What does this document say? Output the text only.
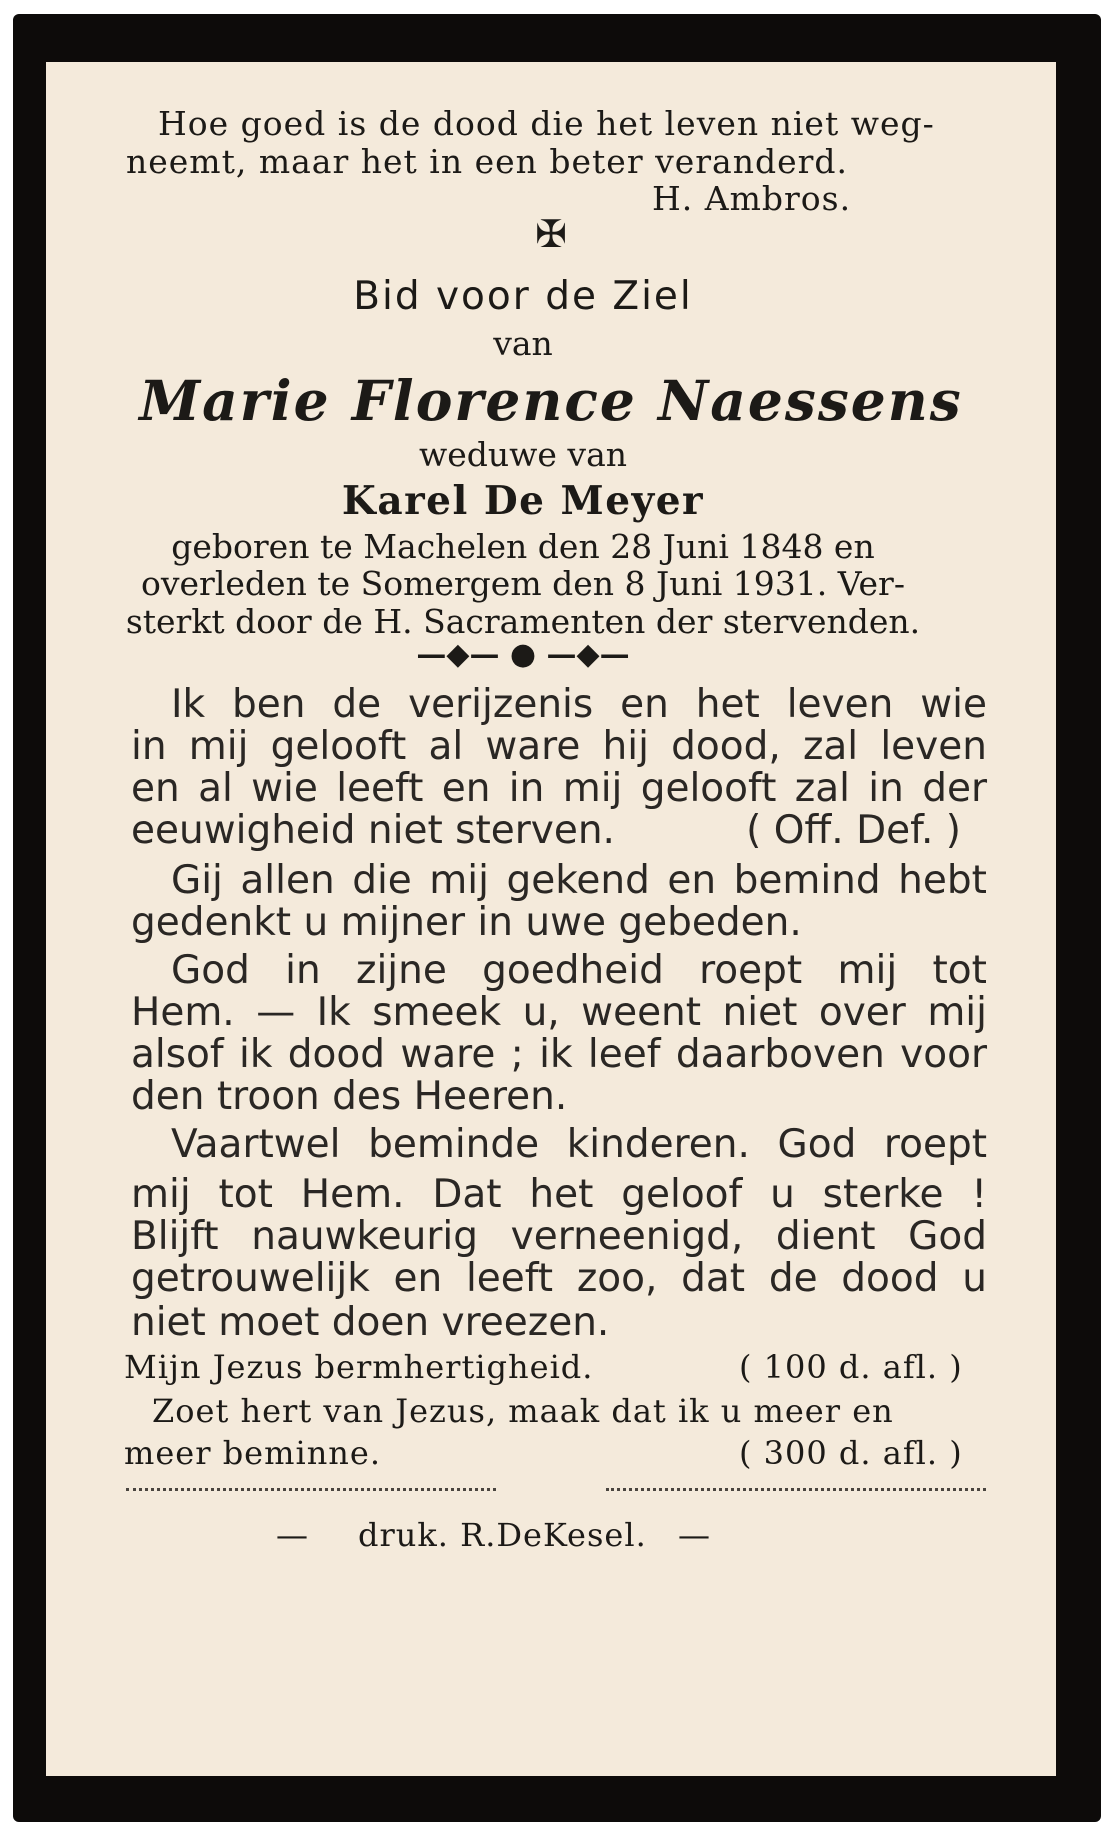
Hoe goed is de dood die het leven niet weg-
neemt, maar het in een beter veranderd.
H. Ambros.
✠
Bid voor de Ziel
van
Marie Florence Naessens
weduwe van
Karel De Meyer
geboren te Machelen den 28 Juni 1848 en
overleden te Somergem den 8 Juni 1931. Ver-
sterkt door de H. Sacramenten der stervenden.
—◆— ● —◆—
Ik ben de verijzenis en het leven wie
in mij gelooft al ware hij dood, zal leven
en al wie leeft en in mij gelooft zal in der
eeuwigheid niet sterven.	( Off. Def. )
Gij allen die mij gekend en bemind hebt
gedenkt u mijner in uwe gebeden.
God in zijne goedheid roept mij tot
Hem. — Ik smeek u, weent niet over mij
alsof ik dood ware ; ik leef daarboven voor
den troon des Heeren.
Vaartwel beminde kinderen. God roept
mij tot Hem. Dat het geloof u sterke !
Blijft nauwkeurig verneenigd, dient God
getrouwelijk en leeft zoo, dat de dood u
niet moet doen vreezen.
Mijn Jezus bermhertigheid.	( 100 d. afl. )
Zoet hert van Jezus, maak dat ik u meer en
meer beminne.	( 300 d. afl. )
— druk. R.DeKesel. —
